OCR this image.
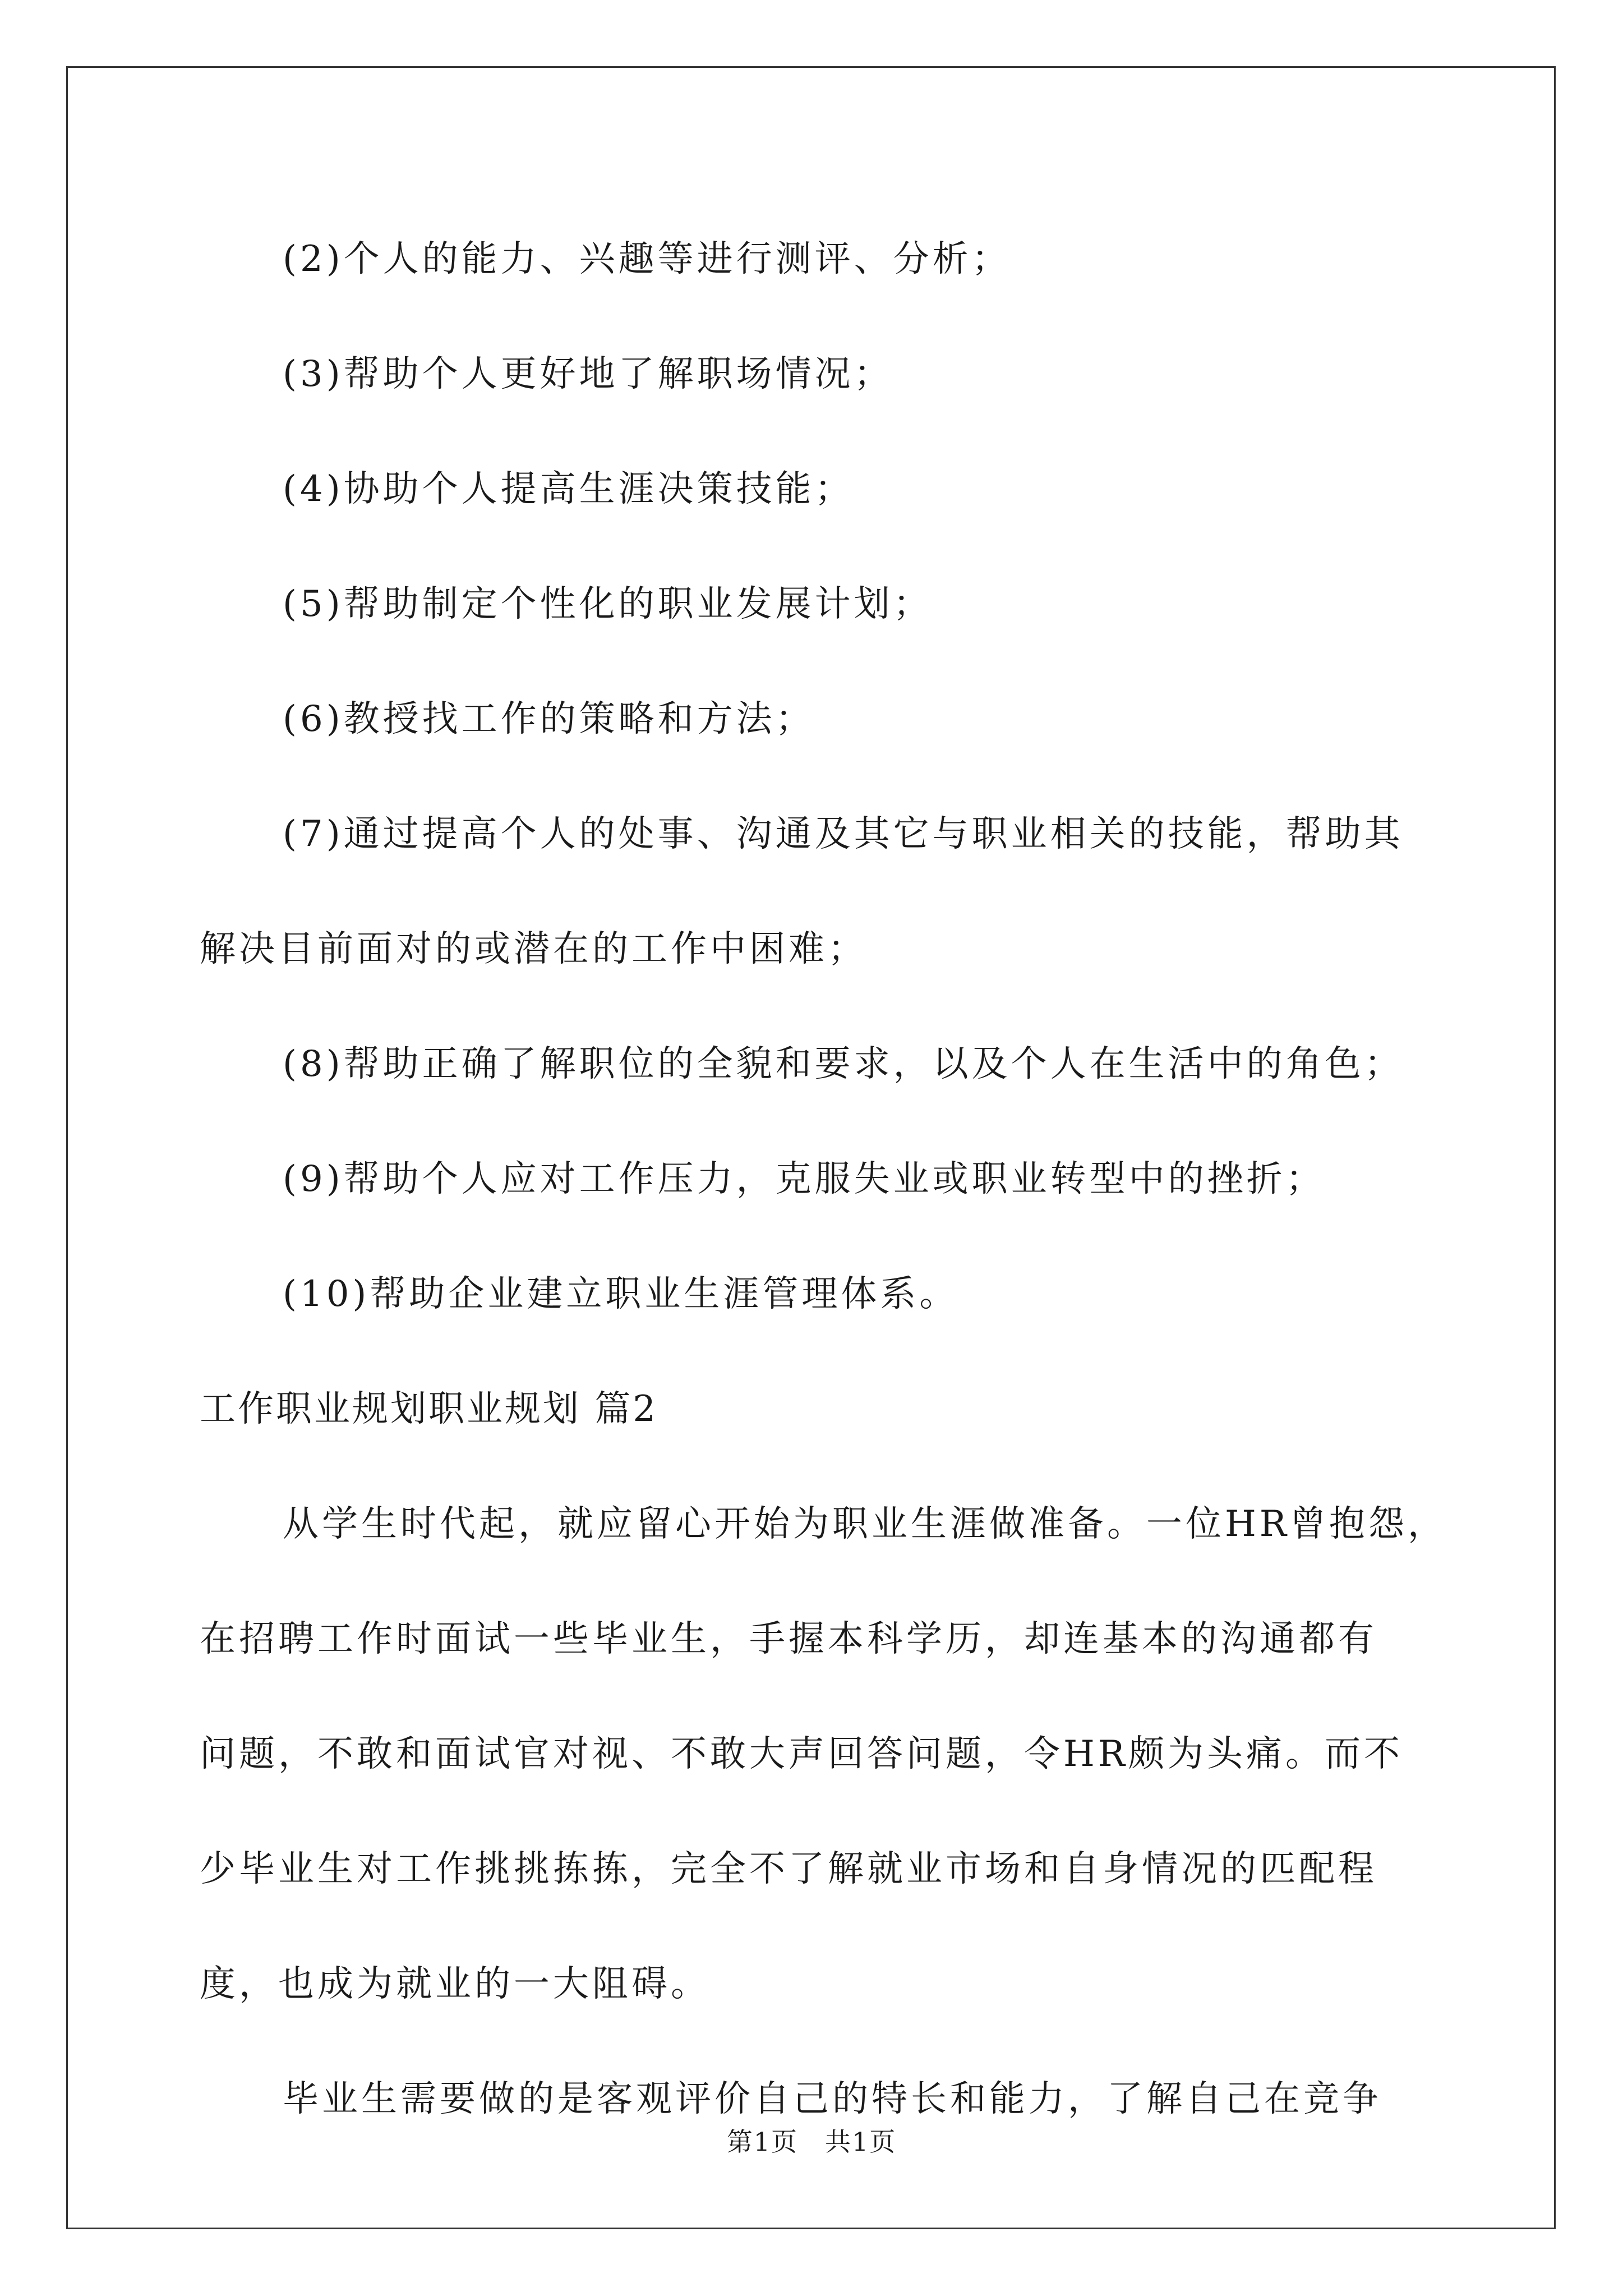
(2)个人的能力、兴趣等进行测评、分析；
(3)帮助个人更好地了解职场情况；
(4)协助个人提高生涯决策技能；
(5)帮助制定个性化的职业发展计划；
(6)教授找工作的策略和方法；
(7)通过提高个人的处事、沟通及其它与职业相关的技能，帮助其
解决目前面对的或潜在的工作中困难；
(8)帮助正确了解职位的全貌和要求，以及个人在生活中的角色；
(9)帮助个人应对工作压力，克服失业或职业转型中的挫折；
(10)帮助企业建立职业生涯管理体系。
工作职业规划职业规划 篇2
从学生时代起，就应留心开始为职业生涯做准备。一位HR曾抱怨，
在招聘工作时面试一些毕业生，手握本科学历，却连基本的沟通都有
问题，不敢和面试官对视、不敢大声回答问题，令HR颇为头痛。而不
少毕业生对工作挑挑拣拣，完全不了解就业市场和自身情况的匹配程
度，也成为就业的一大阻碍。
毕业生需要做的是客观评价自己的特长和能力，了解自己在竞争
第1页　共1页
